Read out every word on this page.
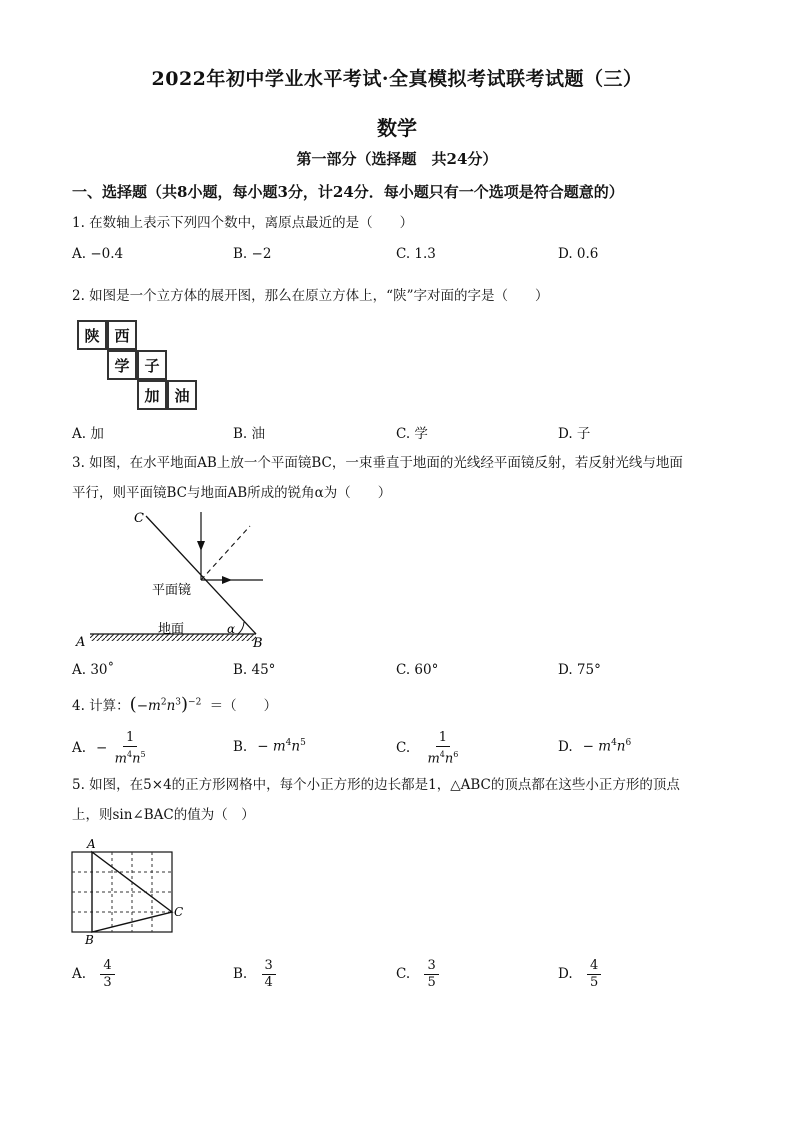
2022年初中学业水平考试·全真模拟考试联考试题（三）
数学
第一部分（选择题　共24分）
一、选择题（共8小题，每小题3分，计24分．每小题只有一个选项是符合题意的）
1. 在数轴上表示下列四个数中，离原点最近的是（　　）
A. −0.4	B. −2	C. 1.3	D. 0.6
2. 如图是一个立方体的展开图，那么在原立方体上，“陕”字对面的字是（　　）
陕 西
学 子
加 油
A. 加	B. 油	C. 学	D. 子
3. 如图，在水平地面AB上放一个平面镜BC，一束垂直于地面的光线经平面镜反射，若反射光线与地面
平行，则平面镜BC与地面AB所成的锐角α为（　　）
C
平面镜
地面
A	B
α
A. 30˚	B. 45°	C. 60°	D. 75°
4. 计算：$(-m^2n^3)^{-2}$ ＝（　　）
A. − $\frac{1}{m^4n^5}$	B. − $m^4n^5$	C. $\frac{1}{m^4n^6}$	D. − $m^4n^6$
5. 如图，在5×4的正方形网格中，每个小正方形的边长都是1，△ABC的顶点都在这些小正方形的顶点
上，则sin∠BAC的值为（　）
A
B
C
A. $\frac{4}{3}$	B. $\frac{3}{4}$	C. $\frac{3}{5}$	D. $\frac{4}{5}$
